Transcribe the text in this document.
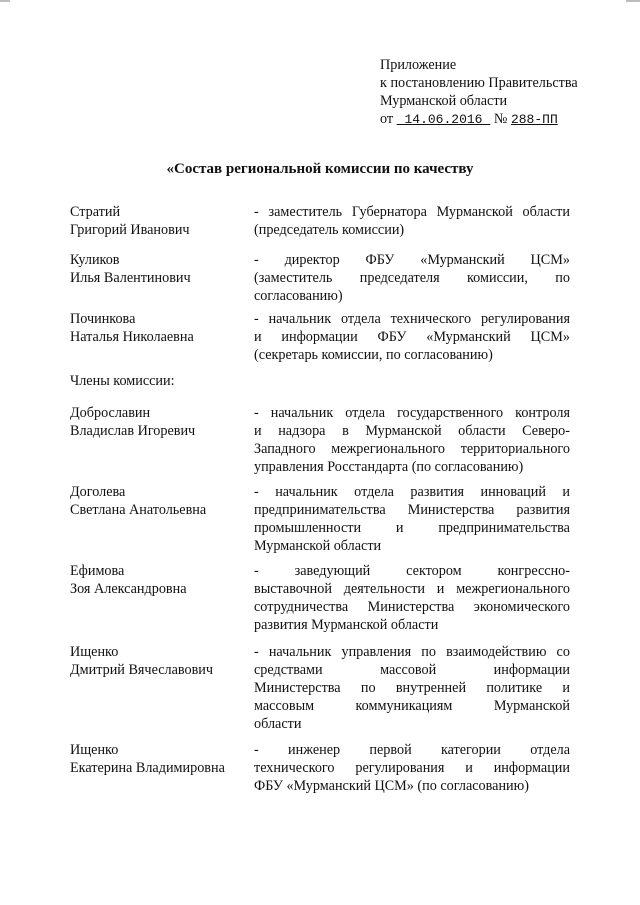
Приложение
к постановлению Правительства
Мурманской области
от 14.06.2016 № 288-ПП
«Состав региональной комиссии по качеству
Стратий
Григорий Иванович
- заместитель Губернатора Мурманской области
(председатель комиссии)
Куликов
Илья Валентинович
- директор ФБУ «Мурманский ЦСМ»
(заместитель председателя комиссии, по
согласованию)
Починкова
Наталья Николаевна
- начальник отдела технического регулирования
и информации ФБУ «Мурманский ЦСМ»
(секретарь комиссии, по согласованию)
Члены комиссии:
Доброславин
Владислав Игоревич
- начальник отдела государственного контроля
и надзора в Мурманской области Северо-
Западного межрегионального территориального
управления Росстандарта (по согласованию)
Доголева
Светлана Анатольевна
- начальник отдела развития инноваций и
предпринимательства Министерства развития
промышленности и предпринимательства
Мурманской области
Ефимова
Зоя Александровна
-	заведующий	сектором	конгрессно-
выставочной деятельности и межрегионального
сотрудничества Министерства экономического
развития Мурманской области
Ищенко
Дмитрий Вячеславович
- начальник управления по взаимодействию со
средствами	массовой	информации
Министерства по внутренней политике и
массовым	коммуникациям	Мурманской
области
Ищенко
Екатерина Владимировна
- инженер первой категории отдела
технического регулирования и информации
ФБУ «Мурманский ЦСМ» (по согласованию)
